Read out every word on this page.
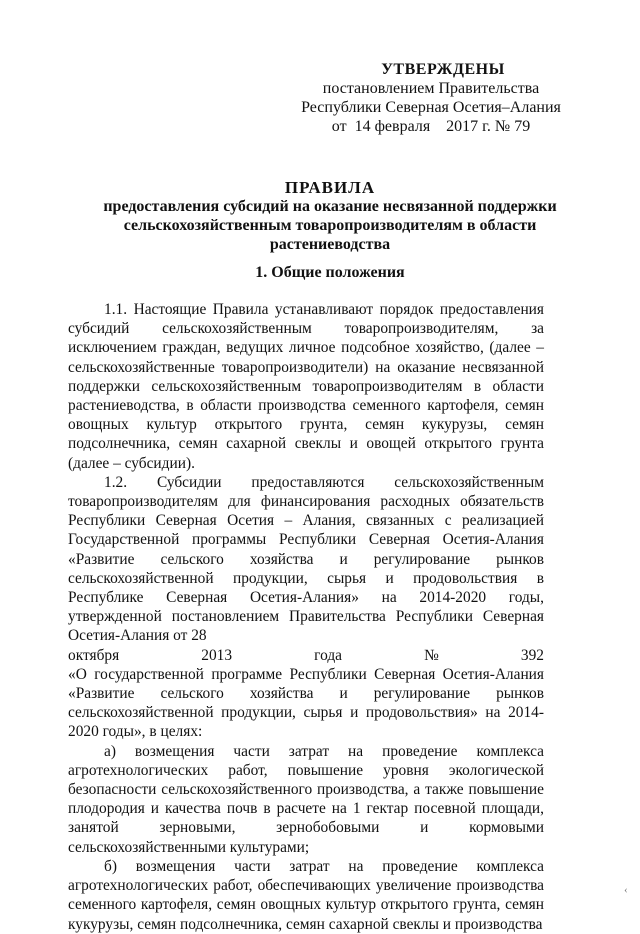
УТВЕРЖДЕНЫ
постановлением Правительства
Республики Северная Осетия–Алания
от  14 февраля    2017 г. № 79
ПРАВИЛА
предоставления субсидий на оказание несвязанной поддержки
сельскохозяйственным товаропроизводителям в области
растениеводства
1. Общие положения

1.1. Настоящие Правила устанавливают порядок предоставления субсидий сельскохозяйственным товаропроизводителям, за исключением граждан, ведущих личное подсобное хозяйство, (далее – сельскохозяйственные товаропроизводители) на оказание несвязанной поддержки сельскохозяйственным товаропроизводителям в области растениеводства, в области производства семенного картофеля, семян овощных культур открытого грунта, семян кукурузы, семян подсолнечника, семян сахарной свеклы и овощей открытого грунта (далее – субсидии).

1.2. Субсидии предоставляются сельскохозяйственным товаропроизводителям для финансирования расходных обязательств Республики Северная Осетия – Алания, связанных с реализацией Государственной программы Республики Северная Осетия-Алания «Развитие сельского хозяйства и регулирование рынков сельскохозяйственной продукции, сырья и продовольствия в Республике Северная Осетия-Алания» на 2014-2020 годы, утвержденной постановлением Правительства Республики Северная Осетия-Алания от 28

октября	2013	года	№	392

«О государственной программе Республики Северная Осетия-Алания «Развитие сельского хозяйства и регулирование рынков сельскохозяйственной продукции, сырья и продовольствия» на 2014-2020 годы», в целях:

а) возмещения части затрат на проведение комплекса агротехнологических работ, повышение уровня экологической безопасности сельскохозяйственного производства, а также повышение плодородия и качества почв в расчете на 1 гектар посевной площади, занятой зерновыми, зернобобовыми и кормовыми сельскохозяйственными культурами;

б) возмещения части затрат на проведение комплекса агротехнологических работ, обеспечивающих увеличение производства семенного картофеля, семян овощных культур открытого грунта, семян кукурузы, семян подсолнечника, семян сахарной свеклы и производства

‹
